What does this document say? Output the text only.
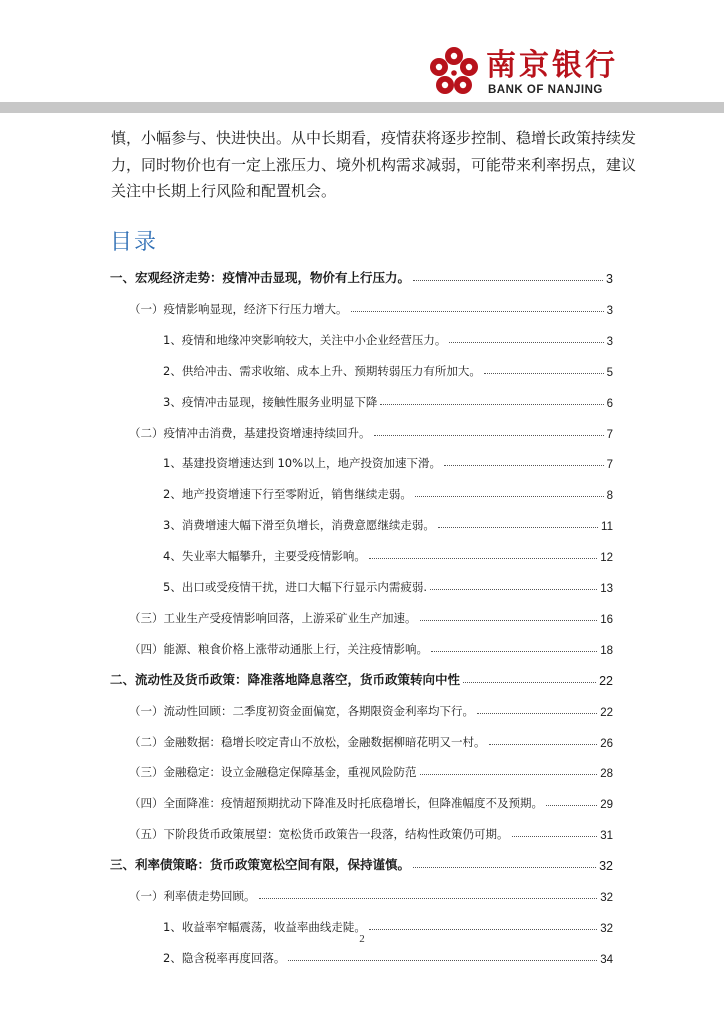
南京银行
BANK OF NANJING

慎，小幅参与、快进快出。从中长期看，疫情获将逐步控制、稳增长政策持续发

力，同时物价也有一定上涨压力、境外机构需求减弱，可能带来利率拐点，建议

关注中长期上行风险和配置机会。

目录
一、宏观经济走势：疫情冲击显现，物价有上行压力。	3
（一）疫情影响显现，经济下行压力增大。	3
1、疫情和地缘冲突影响较大，关注中小企业经营压力。	3
2、供给冲击、需求收缩、成本上升、预期转弱压力有所加大。	5
3、疫情冲击显现，接触性服务业明显下降	6
（二）疫情冲击消费，基建投资增速持续回升。	7
1、基建投资增速达到 10%以上，地产投资加速下滑。	7
2、地产投资增速下行至零附近，销售继续走弱。	8
3、消费增速大幅下滑至负增长，消费意愿继续走弱。	11
4、失业率大幅攀升，主要受疫情影响。	12
5、出口或受疫情干扰，进口大幅下行显示内需疲弱.	13
（三）工业生产受疫情影响回落，上游采矿业生产加速。	16
（四）能源、粮食价格上涨带动通胀上行，关注疫情影响。	18
二、流动性及货币政策：降准落地降息落空，货币政策转向中性	22
（一）流动性回顾：二季度初资金面偏宽，各期限资金利率均下行。	22
（二）金融数据：稳增长咬定青山不放松，金融数据柳暗花明又一村。	26
（三）金融稳定：设立金融稳定保障基金，重视风险防范	28
（四）全面降准：疫情超预期扰动下降准及时托底稳增长，但降准幅度不及预期。	29
（五）下阶段货币政策展望：宽松货币政策告一段落，结构性政策仍可期。	31
三、利率债策略：货币政策宽松空间有限，保持谨慎。	32
（一）利率债走势回顾。	32
1、收益率窄幅震荡，收益率曲线走陡。	32
2、隐含税率再度回落。	34
2
